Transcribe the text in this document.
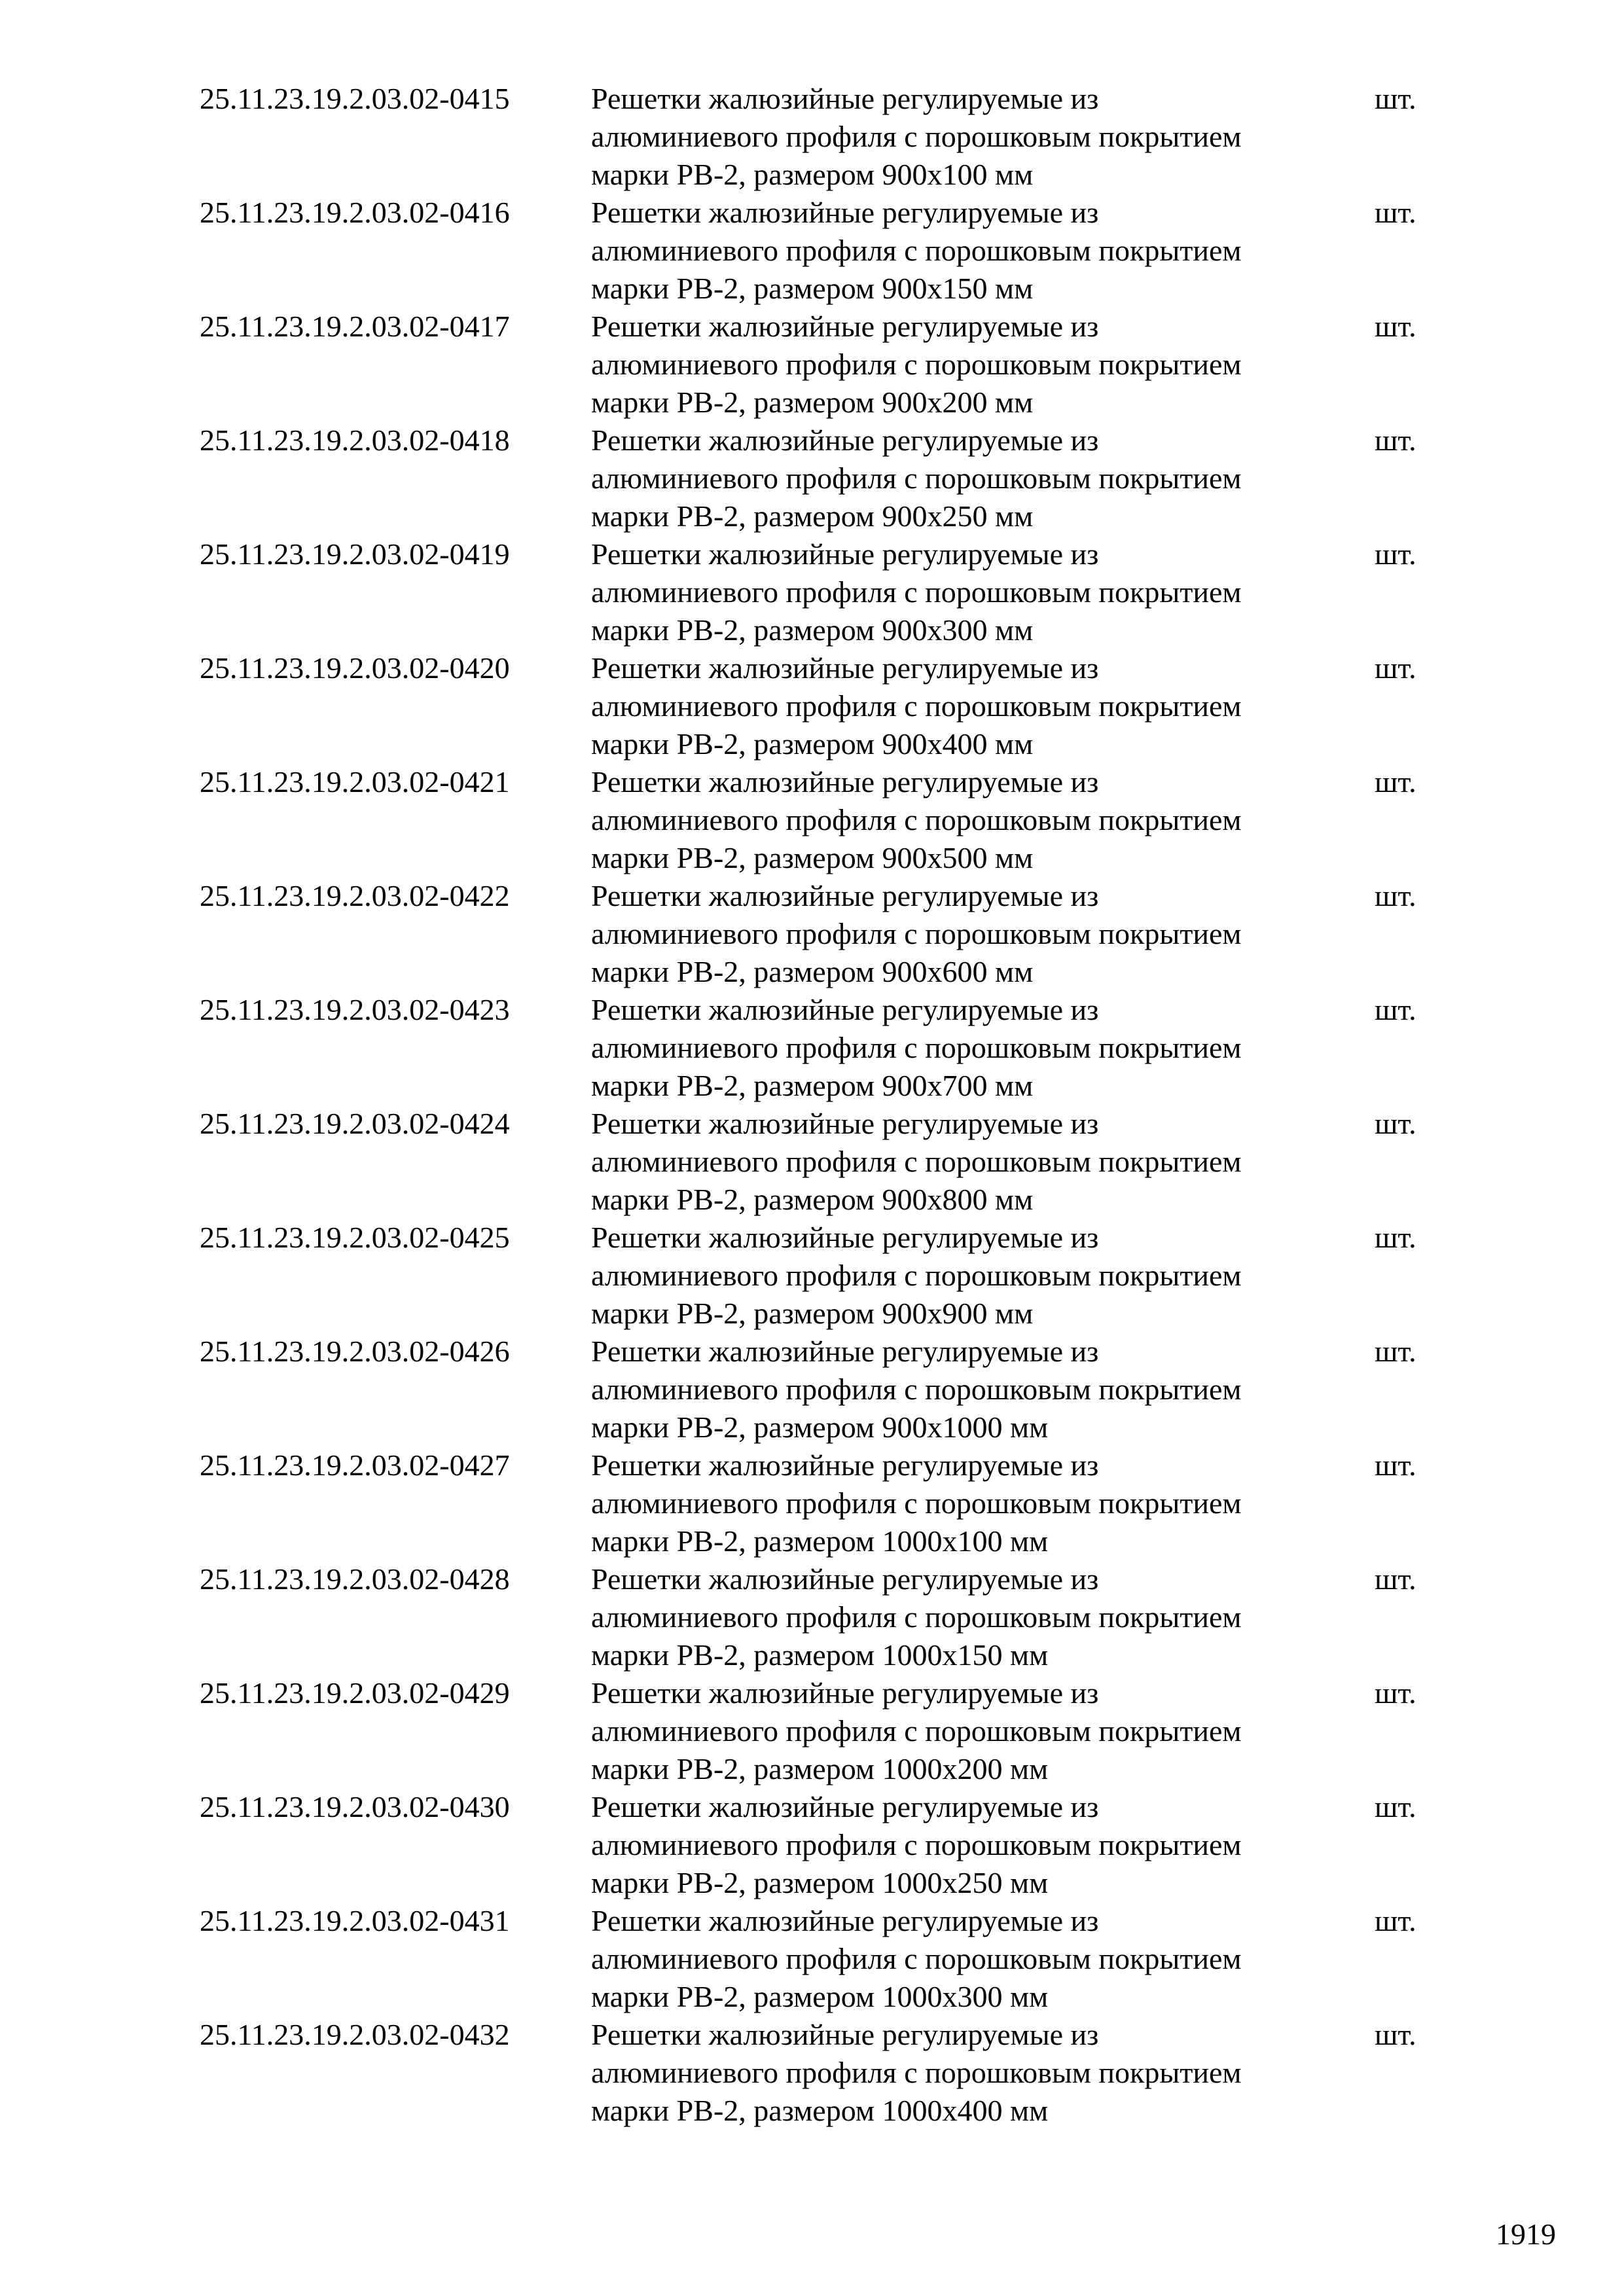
25.11.23.19.2.03.02-0415	Решетки жалюзийные регулируемые из
алюминиевого профиля с порошковым покрытием
марки РВ-2, размером 900х100 мм
шт.
25.11.23.19.2.03.02-0416	Решетки жалюзийные регулируемые из
алюминиевого профиля с порошковым покрытием
марки РВ-2, размером 900х150 мм
шт.
25.11.23.19.2.03.02-0417	Решетки жалюзийные регулируемые из
алюминиевого профиля с порошковым покрытием
марки РВ-2, размером 900х200 мм
шт.
25.11.23.19.2.03.02-0418	Решетки жалюзийные регулируемые из
алюминиевого профиля с порошковым покрытием
марки РВ-2, размером 900х250 мм
шт.
25.11.23.19.2.03.02-0419	Решетки жалюзийные регулируемые из
алюминиевого профиля с порошковым покрытием
марки РВ-2, размером 900х300 мм
шт.
25.11.23.19.2.03.02-0420	Решетки жалюзийные регулируемые из
алюминиевого профиля с порошковым покрытием
марки РВ-2, размером 900х400 мм
шт.
25.11.23.19.2.03.02-0421	Решетки жалюзийные регулируемые из
алюминиевого профиля с порошковым покрытием
марки РВ-2, размером 900х500 мм
шт.
25.11.23.19.2.03.02-0422	Решетки жалюзийные регулируемые из
алюминиевого профиля с порошковым покрытием
марки РВ-2, размером 900х600 мм
шт.
25.11.23.19.2.03.02-0423	Решетки жалюзийные регулируемые из
алюминиевого профиля с порошковым покрытием
марки РВ-2, размером 900х700 мм
шт.
25.11.23.19.2.03.02-0424	Решетки жалюзийные регулируемые из
алюминиевого профиля с порошковым покрытием
марки РВ-2, размером 900х800 мм
шт.
25.11.23.19.2.03.02-0425	Решетки жалюзийные регулируемые из
алюминиевого профиля с порошковым покрытием
марки РВ-2, размером 900х900 мм
шт.
25.11.23.19.2.03.02-0426	Решетки жалюзийные регулируемые из
алюминиевого профиля с порошковым покрытием
марки РВ-2, размером 900х1000 мм
шт.
25.11.23.19.2.03.02-0427	Решетки жалюзийные регулируемые из
алюминиевого профиля с порошковым покрытием
марки РВ-2, размером 1000х100 мм
шт.
25.11.23.19.2.03.02-0428	Решетки жалюзийные регулируемые из
алюминиевого профиля с порошковым покрытием
марки РВ-2, размером 1000х150 мм
шт.
25.11.23.19.2.03.02-0429	Решетки жалюзийные регулируемые из
алюминиевого профиля с порошковым покрытием
марки РВ-2, размером 1000х200 мм
шт.
25.11.23.19.2.03.02-0430	Решетки жалюзийные регулируемые из
алюминиевого профиля с порошковым покрытием
марки РВ-2, размером 1000х250 мм
шт.
25.11.23.19.2.03.02-0431	Решетки жалюзийные регулируемые из
алюминиевого профиля с порошковым покрытием
марки РВ-2, размером 1000х300 мм
шт.
25.11.23.19.2.03.02-0432	Решетки жалюзийные регулируемые из
алюминиевого профиля с порошковым покрытием
марки РВ-2, размером 1000х400 мм
шт.
1919
